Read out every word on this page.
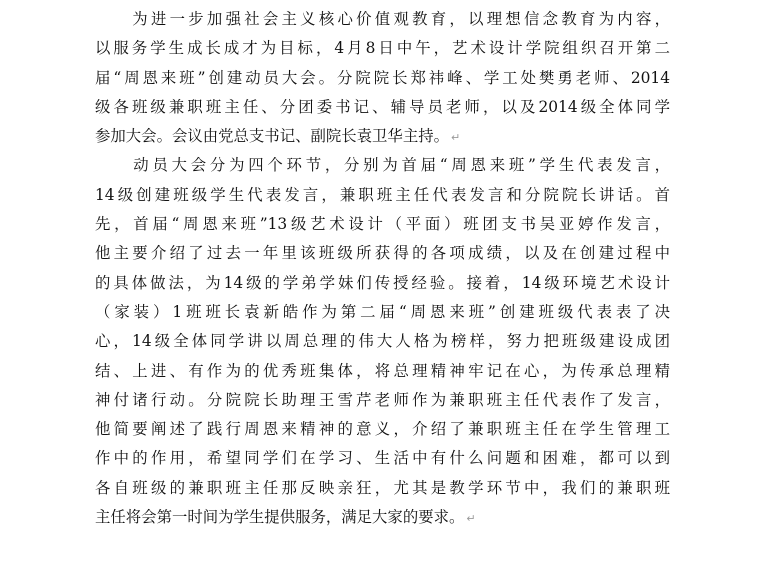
　　为进一步加强社会主义核心价值观教育，以理想信念教育为内容，
以服务学生成长成才为目标，4月8日中午，艺术设计学院组织召开第二
届“周恩来班”创建动员大会。分院院长郑祎峰、学工处樊勇老师、2014
级各班级兼职班主任、分团委书记、辅导员老师，以及2014级全体同学
参加大会。会议由党总支书记、副院长袁卫华主持。 ↵
　　动员大会分为四个环节，分别为首届“周恩来班”学生代表发言，
14级创建班级学生代表发言，兼职班主任代表发言和分院院长讲话。首
先，首届“周恩来班”13级艺术设计（平面）班团支书吴亚婷作发言，
他主要介绍了过去一年里该班级所获得的各项成绩，以及在创建过程中
的具体做法，为14级的学弟学妹们传授经验。接着，14级环境艺术设计
（家装）1班班长袁新皓作为第二届“周恩来班”创建班级代表表了决
心，14级全体同学讲以周总理的伟大人格为榜样，努力把班级建设成团
结、上进、有作为的优秀班集体，将总理精神牢记在心，为传承总理精
神付诸行动。分院院长助理王雪芹老师作为兼职班主任代表作了发言，
他简要阐述了践行周恩来精神的意义，介绍了兼职班主任在学生管理工
作中的作用，希望同学们在学习、生活中有什么问题和困难，都可以到
各自班级的兼职班主任那反映亲狂，尤其是教学环节中，我们的兼职班
主任将会第一时间为学生提供服务，满足大家的要求。 ↵
